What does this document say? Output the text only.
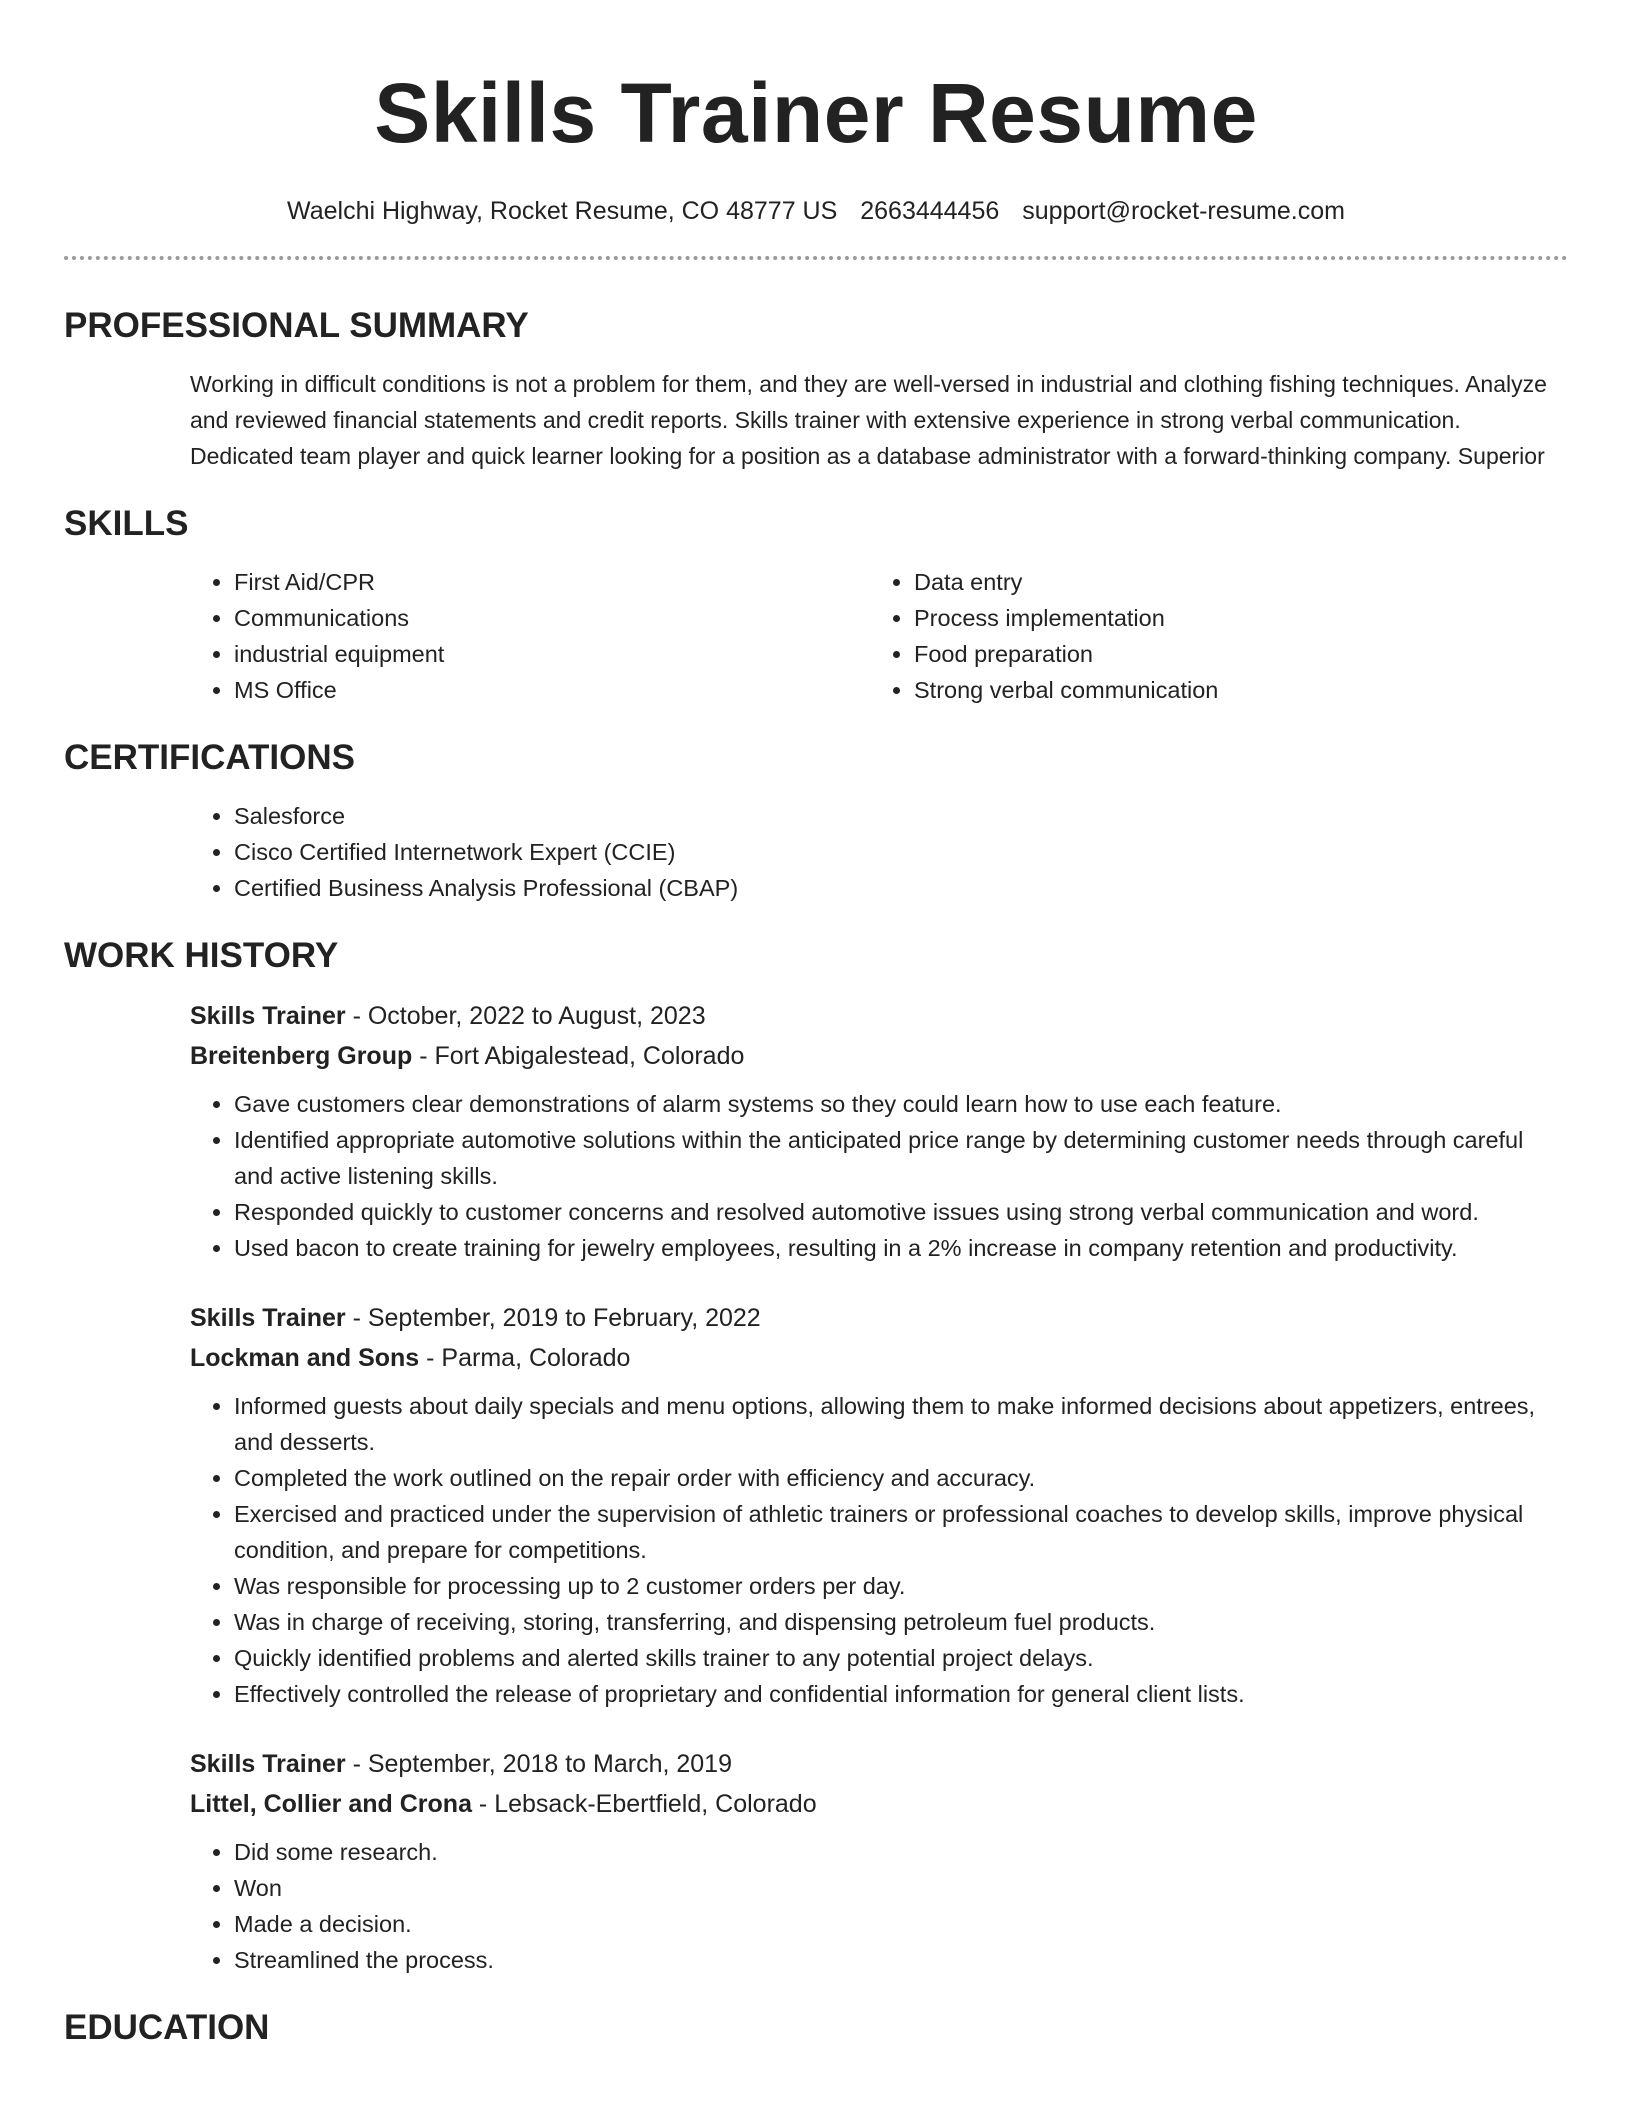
Skills Trainer Resume
Waelchi Highway, Rocket Resume, CO 48777 US 2663444456 support@rocket-resume.com
PROFESSIONAL SUMMARY
Working in difficult conditions is not a problem for them, and they are well-versed in industrial and clothing fishing techniques. Analyze and reviewed financial statements and credit reports. Skills trainer with extensive experience in strong verbal communication. Dedicated team player and quick learner looking for a position as a database administrator with a forward-thinking company. Superior
SKILLS
• First Aid/CPR
• Communications
• industrial equipment
• MS Office
• Data entry
• Process implementation
• Food preparation
• Strong verbal communication
CERTIFICATIONS
• Salesforce
• Cisco Certified Internetwork Expert (CCIE)
• Certified Business Analysis Professional (CBAP)
WORK HISTORY
Skills Trainer - October, 2022 to August, 2023
Breitenberg Group - Fort Abigalestead, Colorado
• Gave customers clear demonstrations of alarm systems so they could learn how to use each feature.
• Identified appropriate automotive solutions within the anticipated price range by determining customer needs through careful and active listening skills.
• Responded quickly to customer concerns and resolved automotive issues using strong verbal communication and word.
• Used bacon to create training for jewelry employees, resulting in a 2% increase in company retention and productivity.
Skills Trainer - September, 2019 to February, 2022
Lockman and Sons - Parma, Colorado
• Informed guests about daily specials and menu options, allowing them to make informed decisions about appetizers, entrees, and desserts.
• Completed the work outlined on the repair order with efficiency and accuracy.
• Exercised and practiced under the supervision of athletic trainers or professional coaches to develop skills, improve physical condition, and prepare for competitions.
• Was responsible for processing up to 2 customer orders per day.
• Was in charge of receiving, storing, transferring, and dispensing petroleum fuel products.
• Quickly identified problems and alerted skills trainer to any potential project delays.
• Effectively controlled the release of proprietary and confidential information for general client lists.
Skills Trainer - September, 2018 to March, 2019
Littel, Collier and Crona - Lebsack-Ebertfield, Colorado
• Did some research.
• Won
• Made a decision.
• Streamlined the process.
EDUCATION
